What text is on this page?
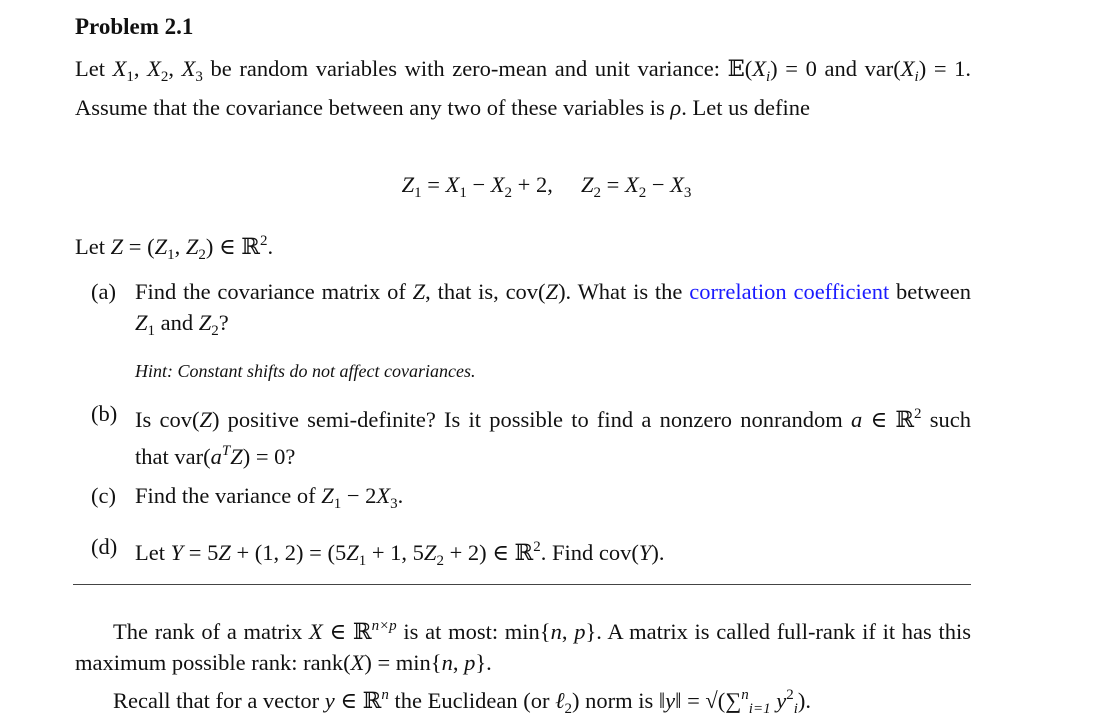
Problem 2.1
Let $X_1$, $X_2$, $X_3$ be random variables with zero-mean and unit variance: $𝔼(X_i) = 0$ and $var(X_i) = 1$. Assume that the covariance between any two of these variables is ρ. Let us define
$Z_1 = X_1 - X_2 + 2$,     $Z_2 = X_2 - X_3$
Let $Z = (Z_1$, $Z_2$) ∈ ℝ$^2$.
(a) Find the covariance matrix of Z, that is, cov(Z). What is the correlation coefficient between $Z_1$ and $Z_2$?
Hint: Constant shifts do not affect covariances.
(b) Is cov(Z) positive semi-definite? Is it possible to find a nonzero nonrandom a ∈ ℝ$^2$ such that $var(a^TZ) = 0$?
(c) Find the variance of $Z_1 - 2X_3$.
(d) Let Y = 5Z + (1, $2) = (5Z_1 + 1$, $5Z_2 + 2$) ∈ ℝ$^2$. Find cov(Y).
The rank of a matrix X ∈ ℝ$^{n\times p}$ is at most: min{n, p}. A matrix is called full-rank if it has this maximum possible rank: rank(X) = min{n, p}.
Recall that for a vector y ∈ ℝ$^n$ the Euclidean (or ℓ$_2$) norm is ‖y‖ = √(∑$^n_{i=1}$ $y^2_i$).
